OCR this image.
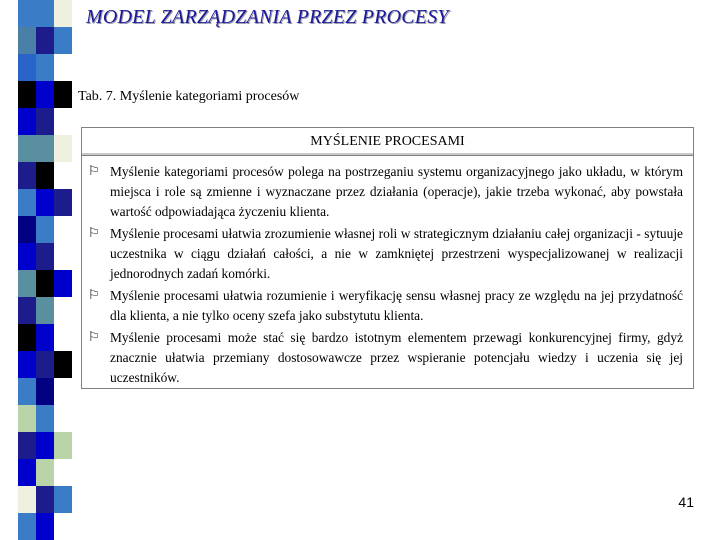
MODEL ZARZĄDZANIA PRZEZ PROCESY
Tab. 7. Myślenie kategoriami procesów
MYŚLENIE PROCESAMI
⚐ Myślenie kategoriami procesów polega na postrzeganiu systemu organizacyjnego jako układu, w którym miejsca i role są zmienne i wyznaczane przez działania (operacje), jakie trzeba wykonać, aby powstała wartość odpowiadająca życzeniu klienta.
⚐ Myślenie procesami ułatwia zrozumienie własnej roli w strategicznym działaniu całej organizacji - sytuuje uczestnika w ciągu działań całości, a nie w zamkniętej przestrzeni wyspecjalizowanej w realizacji jednorodnych zadań komórki.
⚐ Myślenie procesami ułatwia rozumienie i weryfikację sensu własnej pracy ze względu na jej przydatność dla klienta, a nie tylko oceny szefa jako substytutu klienta.
⚐ Myślenie procesami może stać się bardzo istotnym elementem przewagi konkurencyjnej firmy, gdyż znacznie ułatwia przemiany dostosowawcze przez wspieranie potencjału wiedzy i uczenia się jej uczestników.
41
